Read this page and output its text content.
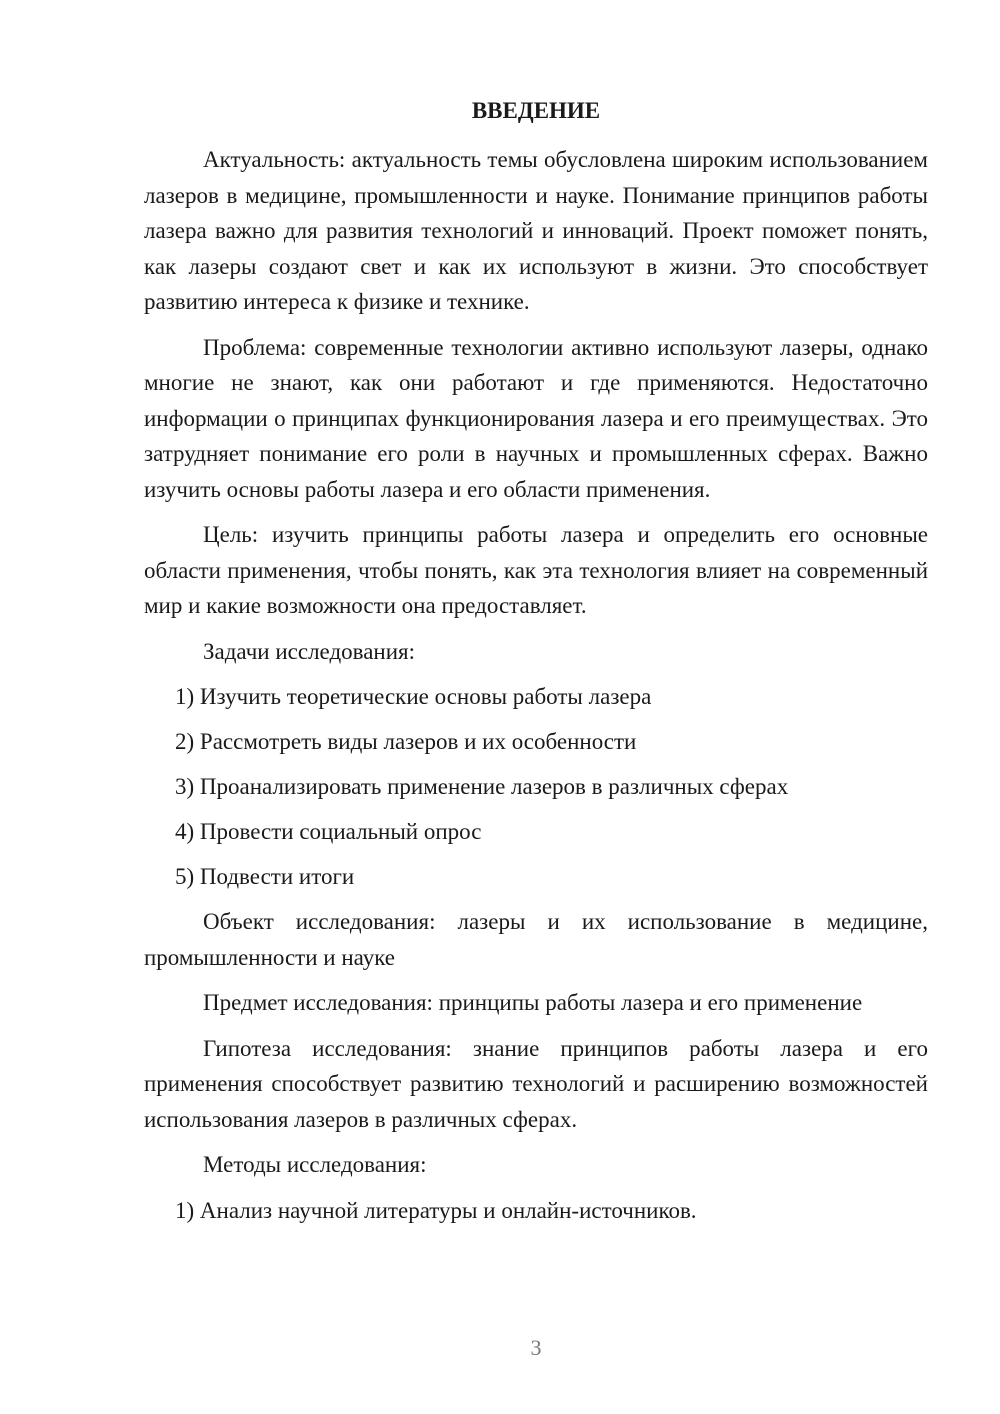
ВВЕДЕНИЕ

Актуальность: актуальность темы обусловлена широким использованием лазеров в медицине, промышленности и науке. Понимание принципов работы лазера важно для развития технологий и инноваций. Проект поможет понять, как лазеры создают свет и как их используют в жизни. Это способствует развитию интереса к физике и технике.

Проблема: современные технологии активно используют лазеры, однако многие не знают, как они работают и где применяются. Недостаточно информации о принципах функционирования лазера и его преимуществах. Это затрудняет понимание его роли в научных и промышленных сферах. Важно изучить основы работы лазера и его области применения.

Цель: изучить принципы работы лазера и определить его основные области применения, чтобы понять, как эта технология влияет на современный мир и какие возможности она предоставляет.

Задачи исследования:

1) Изучить теоретические основы работы лазера

2) Рассмотреть виды лазеров и их особенности

3) Проанализировать применение лазеров в различных сферах

4) Провести социальный опрос

5) Подвести итоги

Объект исследования: лазеры и их использование в медицине, промышленности и науке

Предмет исследования: принципы работы лазера и его применение

Гипотеза исследования: знание принципов работы лазера и его применения способствует развитию технологий и расширению возможностей использования лазеров в различных сферах.

Методы исследования:

1) Анализ научной литературы и онлайн-источников.

3
